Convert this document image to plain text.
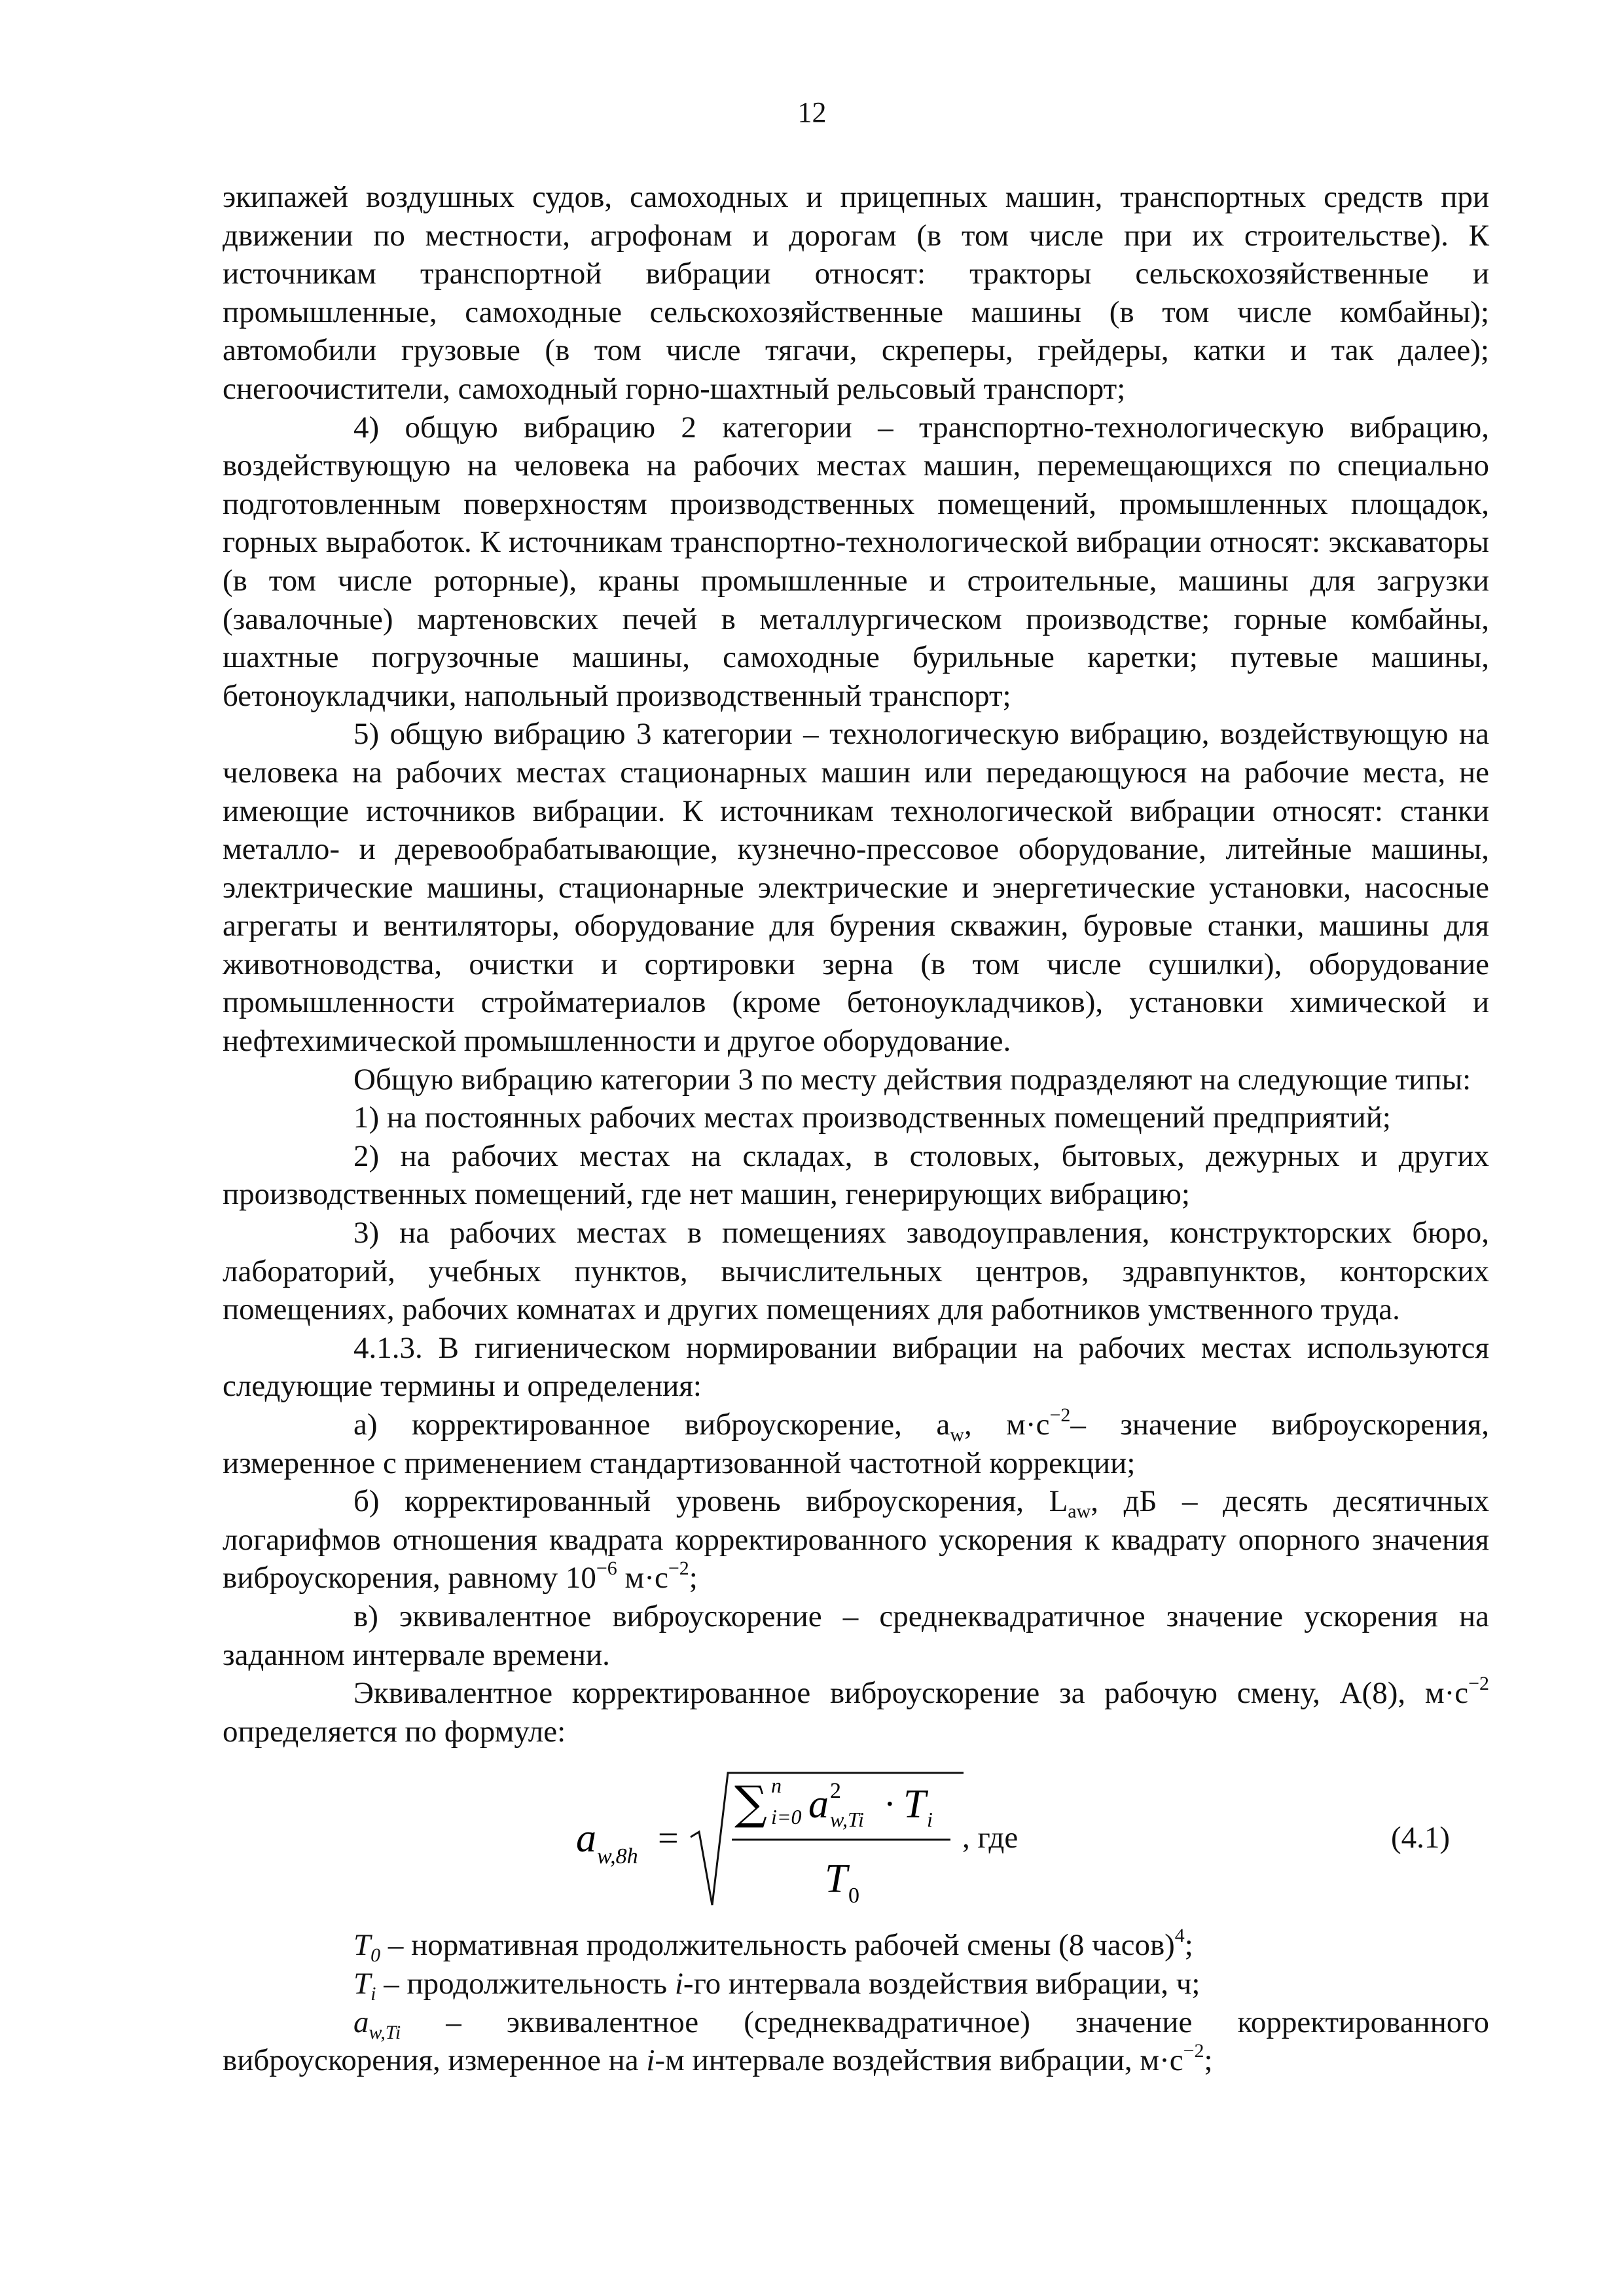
12

экипажей воздушных судов, самоходных и прицепных машин, транспортных средств при движении по местности, агрофонам и дорогам (в том числе при их строительстве). К источникам транспортной вибрации относят: тракторы сельскохозяйственные и промышленные, самоходные сельскохозяйственные машины (в том числе комбайны); автомобили грузовые (в том числе тягачи, скреперы, грейдеры, катки и так далее); снегоочистители, самоходный горно-шахтный рельсовый транспорт;

4) общую вибрацию 2 категории – транспортно-технологическую вибрацию, воздействующую на человека на рабочих местах машин, перемещающихся по специально подготовленным поверхностям производственных помещений, промышленных площадок, горных выработок. К источникам транспортно-технологической вибрации относят: экскаваторы (в том числе роторные), краны промышленные и строительные, машины для загрузки (завалочные) мартеновских печей в металлургическом производстве; горные комбайны, шахтные погрузочные машины, самоходные бурильные каретки; путевые машины, бетоноукладчики, напольный производственный транспорт;

5) общую вибрацию 3 категории – технологическую вибрацию, воздействующую на человека на рабочих местах стационарных машин или передающуюся на рабочие места, не имеющие источников вибрации. К источникам технологической вибрации относят: станки металло- и деревообрабатывающие, кузнечно-прессовое оборудование, литейные машины, электрические машины, стационарные электрические и энергетические установки, насосные агрегаты и вентиляторы, оборудование для бурения скважин, буровые станки, машины для животноводства, очистки и сортировки зерна (в том числе сушилки), оборудование промышленности стройматериалов (кроме бетоноукладчиков), установки химической и нефтехимической промышленности и другое оборудование.

Общую вибрацию категории 3 по месту действия подразделяют на следующие типы:

1) на постоянных рабочих местах производственных помещений предприятий;

2) на рабочих местах на складах, в столовых, бытовых, дежурных и других производственных помещений, где нет машин, генерирующих вибрацию;

3) на рабочих местах в помещениях заводоуправления, конструкторских бюро, лабораторий, учебных пунктов, вычислительных центров, здравпунктов, конторских помещениях, рабочих комнатах и других помещениях для работников умственного труда.

4.1.3. В гигиеническом нормировании вибрации на рабочих местах используются следующие термины и определения:

а) корректированное виброускорение, $a_w$, $м\cdot с^{-2}-$ значение виброускорения, измеренное с применением стандартизованной частотной коррекции;

б) корректированный уровень виброускорения, $L_{aw}$, дБ – десять десятичных логарифмов отношения квадрата корректированного ускорения к квадрату опорного значения виброускорения, равному $10^{-6}$ $м\cdot с^{-2}$;

в) эквивалентное виброускорение – среднеквадратичное значение ускорения на заданном интервале времени.

Эквивалентное корректированное виброускорение за рабочую смену, A(8), $м\cdot с^{-2}$ определяется по формуле:

a w,8h =
∑ n
i=0 a 2
w,Ti · T i
T 0
, где	(4.1)

$T_0$ – нормативная продолжительность рабочей смены (8 часов)$^4$;

$T_i$ – продолжительность i-го интервала воздействия вибрации, ч;

$a_{w,Ti}$ – эквивалентное (среднеквадратичное) значение корректированного виброускорения, измеренное на i-м интервале воздействия вибрации, $м\cdot с^{-2}$;
